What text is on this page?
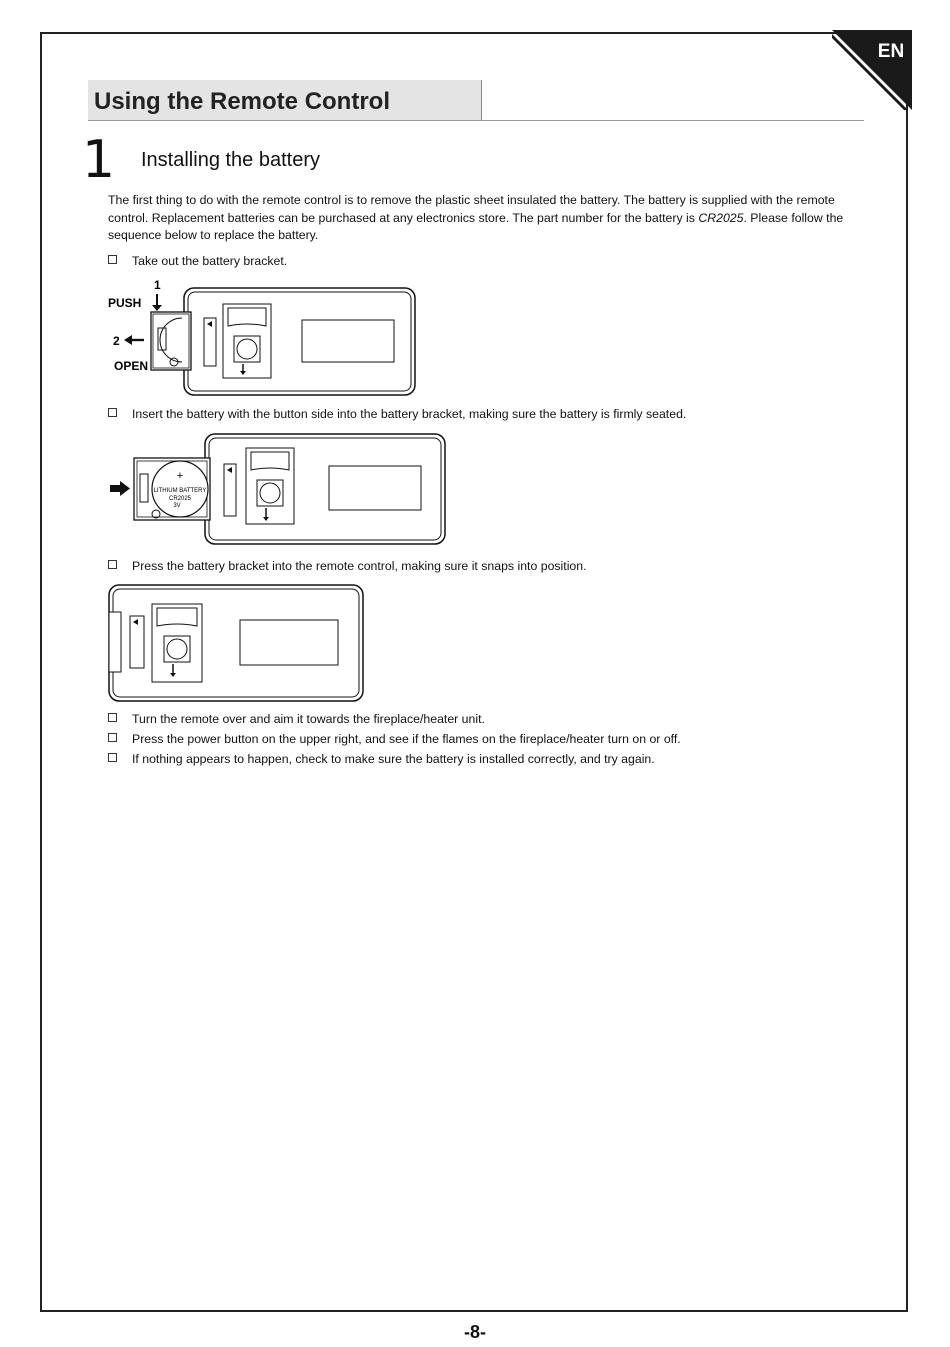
EN
Using the Remote Control
1 Installing the battery
The first thing to do with the remote control is to remove the plastic sheet insulated the battery. The battery is supplied with the remote control. Replacement batteries can be purchased at any electronics store. The part number for the battery is CR2025. Please follow the sequence below to replace the battery.
Take out the battery bracket.
1
PUSH
2
OPEN
Insert the battery with the button side into the battery bracket, making sure the battery is firmly seated.
+
LITHIUM BATTERY
CR2025
3V
Press the battery bracket into the remote control, making sure it snaps into position.
Turn the remote over and aim it towards the fireplace/heater unit.
Press the power button on the upper right, and see if the flames on the fireplace/heater turn on or off.
If nothing appears to happen, check to make sure the battery is installed correctly, and try again.
-8-
